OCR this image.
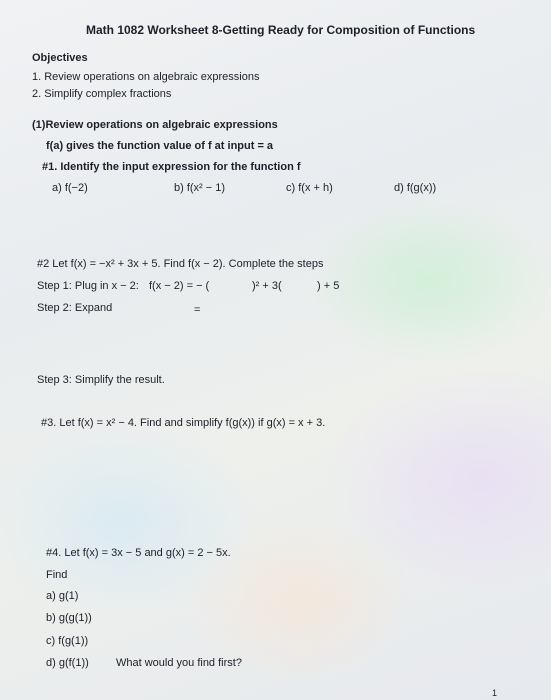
Math 1082 Worksheet 8-Getting Ready for Composition of Functions
Objectives
1. Review operations on algebraic expressions
2. Simplify complex fractions
(1)Review operations on algebraic expressions
f(a) gives the function value of f at input = a
#1. Identify the input expression for the function f
a) f(−2)	b) f(x² − 1)	c) f(x + h)	d) f(g(x))
#2 Let f(x) = −x² + 3x + 5. Find f(x − 2). Complete the steps
Step 1: Plug in x − 2: f(x − 2) = − (	)² + 3(	) + 5
Step 2: Expand	=
Step 3: Simplify the result.
#3. Let f(x) = x² − 4. Find and simplify f(g(x)) if g(x) = x + 3.
#4. Let f(x) = 3x − 5 and g(x) = 2 − 5x.
Find
a) g(1)
b) g(g(1))
c) f(g(1))
d) g(f(1)) What would you find first?
1
